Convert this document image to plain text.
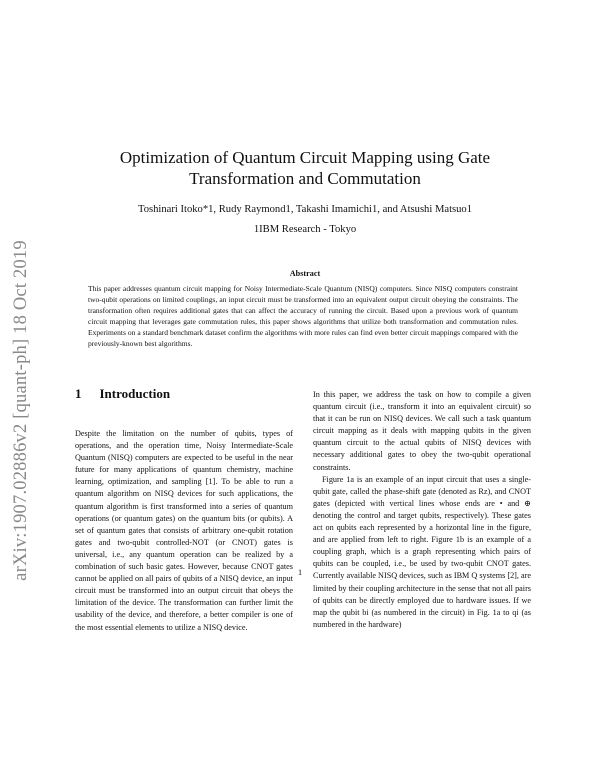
arXiv:1907.02886v2 [quant-ph] 18 Oct 2019
Optimization of Quantum Circuit Mapping using Gate
Transformation and Commutation
Toshinari Itoko*1, Rudy Raymond1, Takashi Imamichi1, and Atsushi Matsuo1
1IBM Research - Tokyo
Abstract

This paper addresses quantum circuit mapping for Noisy Intermediate-Scale Quantum (NISQ) computers. Since NISQ computers constraint two-qubit operations on limited couplings, an input circuit must be transformed into an equivalent output circuit obeying the constraints. The transformation often requires additional gates that can affect the accuracy of running the circuit. Based upon a previous work of quantum circuit mapping that leverages gate commutation rules, this paper shows algorithms that utilize both transformation and commutation rules. Experiments on a standard benchmark dataset confirm the algorithms with more rules can find even better circuit mappings compared with the previously-known best algorithms.

1 Introduction

Despite the limitation on the number of qubits, types of operations, and the operation time, Noisy Intermediate-Scale Quantum (NISQ) computers are expected to be useful in the near future for many applications of quantum chemistry, machine learning, optimization, and sampling [1]. To be able to run a quantum algorithm on NISQ devices for such applications, the quantum algorithm is first transformed into a series of quantum operations (or quantum gates) on the quantum bits (or qubits). A set of quantum gates that consists of arbitrary one-qubit rotation gates and two-qubit controlled-NOT (or CNOT) gates is universal, i.e., any quantum operation can be realized by a combination of such basic gates. However, because CNOT gates cannot be applied on all pairs of qubits of a NISQ device, an input circuit must be transformed into an output circuit that obeys the limitation of the device. The transformation can further limit the usability of the device, and therefore, a better compiler is one of the most essential elements to utilize a NISQ device.

In this paper, we address the task on how to compile a given quantum circuit (i.e., transform it into an equivalent circuit) so that it can be run on NISQ devices. We call such a task quantum circuit mapping as it deals with mapping qubits in the given quantum circuit to the actual qubits of NISQ devices with necessary additional gates to obey the two-qubit operational constraints.

Figure 1a is an example of an input circuit that uses a single-qubit gate, called the phase-shift gate (denoted as Rz), and CNOT gates (depicted with vertical lines whose ends are • and ⊕ denoting the control and target qubits, respectively). These gates act on qubits each represented by a horizontal line in the figure, and are applied from left to right. Figure 1b is an example of a coupling graph, which is a graph representing which pairs of qubits can be coupled, i.e., be used by two-qubit CNOT gates. Currently available NISQ devices, such as IBM Q systems [2], are limited by their coupling architecture in the sense that not all pairs of qubits can be directly employed due to hardware issues. If we map the qubit bi (as numbered in the circuit) in Fig. 1a to qi (as numbered in the hardware)

1
